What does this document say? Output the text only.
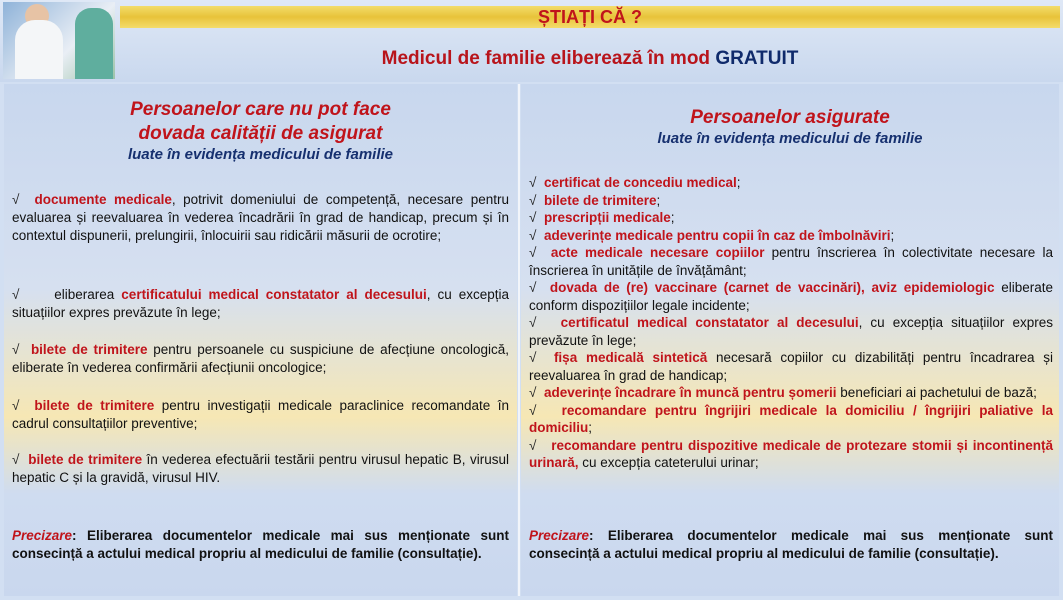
ȘTIAȚI CĂ ?
Medicul de familie eliberează în mod GRATUIT
Persoanelor care nu pot face
dovada calității de asigurat
luate în evidența medicului de familie
√ documente medicale, potrivit domeniului de competență, necesare pentru evaluarea și reevaluarea în vederea încadrării în grad de handicap, precum și în contextul dispunerii, prelungirii, înlocuirii sau ridicării măsurii de ocrotire;
√	eliberarea certificatului medical constatator al decesului, cu excepția situațiilor expres prevăzute în lege;
√ bilete de trimitere pentru persoanele cu suspiciune de afecțiune oncologică, eliberate în vederea confirmării afecțiunii oncologice;
√ bilete de trimitere pentru investigații medicale paraclinice recomandate în cadrul consultațiilor preventive;
√ bilete de trimitere în vederea efectuării testării pentru virusul hepatic B, virusul hepatic C și la gravidă, virusul HIV.
Precizare: Eliberarea documentelor medicale mai sus menționate sunt consecință a actului medical propriu al medicului de familie (consultație).
Persoanelor asigurate
luate în evidența medicului de familie
√ certificat de concediu medical;
√ bilete de trimitere;
√ prescripții medicale;
√ adeverințe medicale pentru copii în caz de îmbolnăviri;
√ acte medicale necesare copiilor pentru înscrierea în colectivitate necesare la înscrierea în unitățile de învățământ;
√ dovada de (re) vaccinare (carnet de vaccinări), aviz epidemiologic eliberate conform dispozițiilor legale incidente;
√ certificatul medical constatator al decesului, cu excepția situațiilor expres prevăzute în lege;
√ fișa medicală sintetică necesară copiilor cu dizabilități pentru încadrarea și reevaluarea în grad de handicap;
√ adeverințe încadrare în muncă pentru șomerii beneficiari ai pachetului de bază;
√ recomandare pentru îngrijiri medicale la domiciliu / îngrijiri paliative la domiciliu;
√ recomandare pentru dispozitive medicale de protezare stomii și incontinență urinară, cu excepția cateterului urinar;
Precizare: Eliberarea documentelor medicale mai sus menționate sunt consecință a actului medical propriu al medicului de familie (consultație).
